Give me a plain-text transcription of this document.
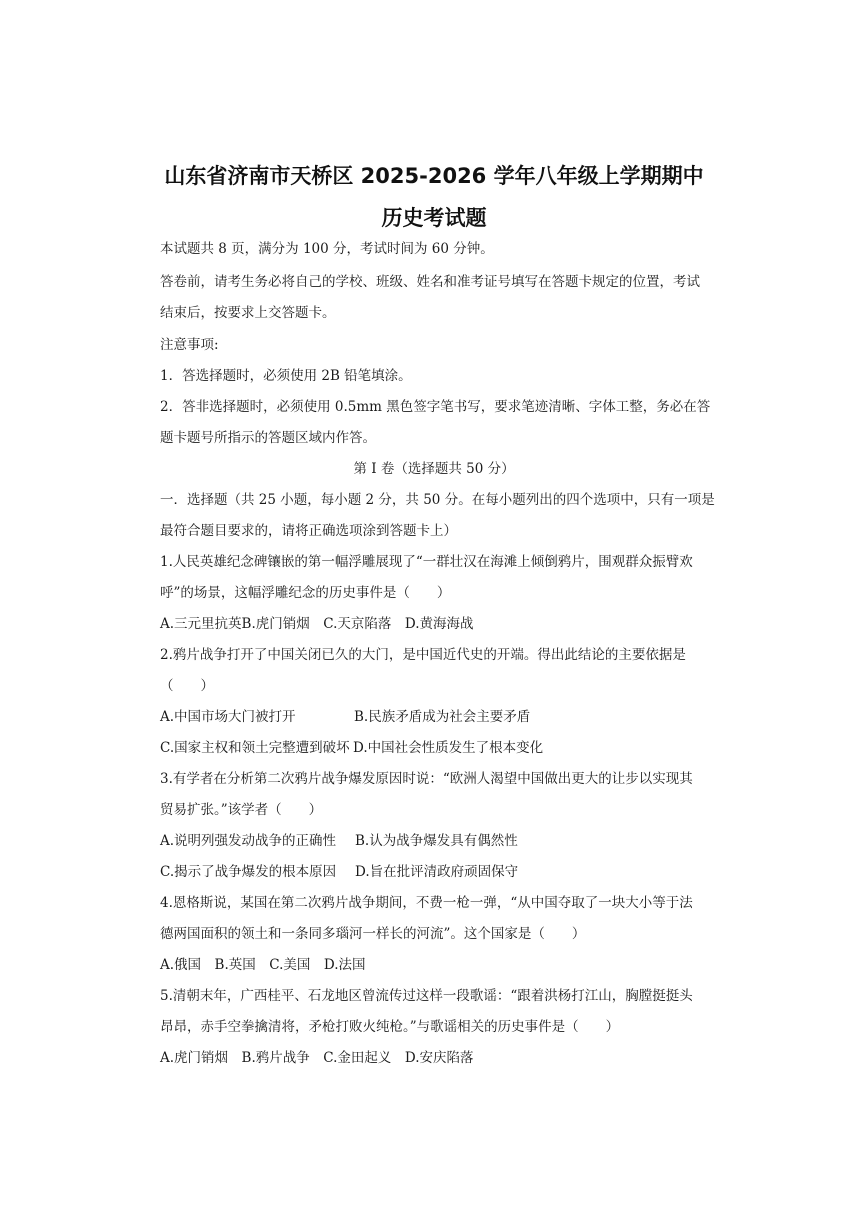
山东省济南市天桥区 2025-2026 学年八年级上学期期中
历史考试题
本试题共 8 页，满分为 100 分，考试时间为 60 分钟。
答卷前，请考生务必将自己的学校、班级、姓名和准考证号填写在答题卡规定的位置，考试
结束后，按要求上交答题卡。
注意事项:
1．答选择题时，必须使用 2B 铅笔填涂。
2．答非选择题时，必须使用 0.5mm 黑色签字笔书写，要求笔迹清晰、字体工整，务必在答
题卡题号所指示的答题区域内作答。
第 I 卷（选择题共 50 分）
一．选择题（共 25 小题，每小题 2 分，共 50 分。在每小题列出的四个选项中，只有一项是
最符合题目要求的，请将正确选项涂到答题卡上）
1.人民英雄纪念碑镶嵌的第一幅浮雕展现了“一群壮汉在海滩上倾倒鸦片，围观群众振臂欢
呼”的场景，这幅浮雕纪念的历史事件是（　　）
A.三元里抗英B.虎门销烟　C.天京陷落　D.黄海海战
2.鸦片战争打开了中国关闭已久的大门，是中国近代史的开端。得出此结论的主要依据是
（　　）
A.中国市场大门被打开	B.民族矛盾成为社会主要矛盾
C.国家主权和领土完整遭到破坏 D.中国社会性质发生了根本变化
3.有学者在分析第二次鸦片战争爆发原因时说：“欧洲人渴望中国做出更大的让步以实现其
贸易扩张。”该学者（　　）
A.说明列强发动战争的正确性 B.认为战争爆发具有偶然性
C.揭示了战争爆发的根本原因 D.旨在批评清政府顽固保守
4.恩格斯说，某国在第二次鸦片战争期间，不费一枪一弹，“从中国夺取了一块大小等于法
德两国面积的领土和一条同多瑙河一样长的河流”。这个国家是（　　）
A.俄国　B.英国　C.美国　D.法国
5.清朝末年，广西桂平、石龙地区曾流传过这样一段歌谣：“跟着洪杨打江山，胸膛挺挺头
昂昂，赤手空拳擒清将，矛枪打败火纯枪。”与歌谣相关的历史事件是（　　）
A.虎门销烟　B.鸦片战争　C.金田起义　D.安庆陷落
